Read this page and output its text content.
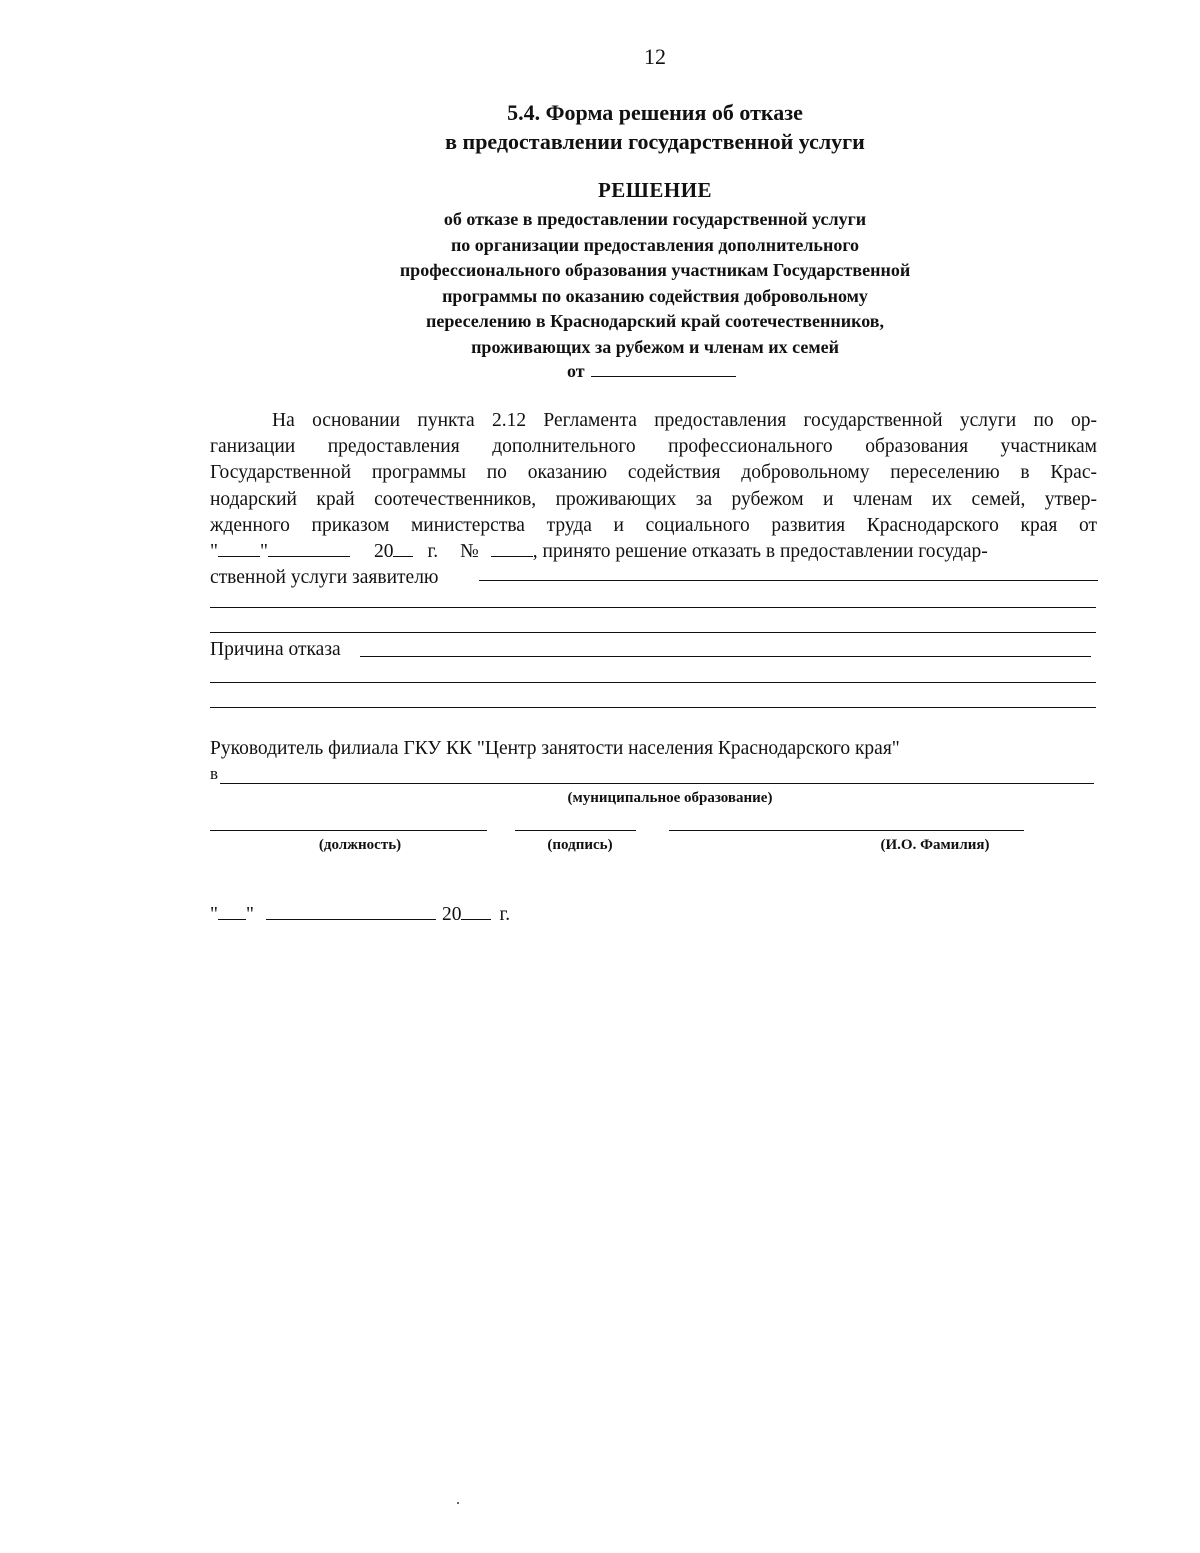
12
5.4. Форма решения об отказе
в предоставлении государственной услуги
РЕШЕНИЕ
об отказе в предоставлении государственной услуги
по организации предоставления дополнительного
профессионального образования участникам Государственной
программы по оказанию содействия добровольному
переселению в Краснодарский край соотечественников,
проживающих за рубежом и членам их семей
от
На основании пункта 2.12 Регламента предоставления государственной услуги по ор-
ганизации предоставления дополнительного профессионального образования участникам
Государственной программы по оказанию содействия добровольному переселению в Крас-
нодарский край соотечественников, проживающих за рубежом и членам их семей, утвер-
жденного приказом министерства труда и социального развития Краснодарского края от
" "	20 г. №	, принято решение отказать в предоставлении государ-
ственной услуги заявителю
Причина отказа
Руководитель филиала ГКУ КК "Центр занятости населения Краснодарского края"
в
(муниципальное образование)
(должность)	(подпись)	(И.О. Фамилия)
" "	20 г.
